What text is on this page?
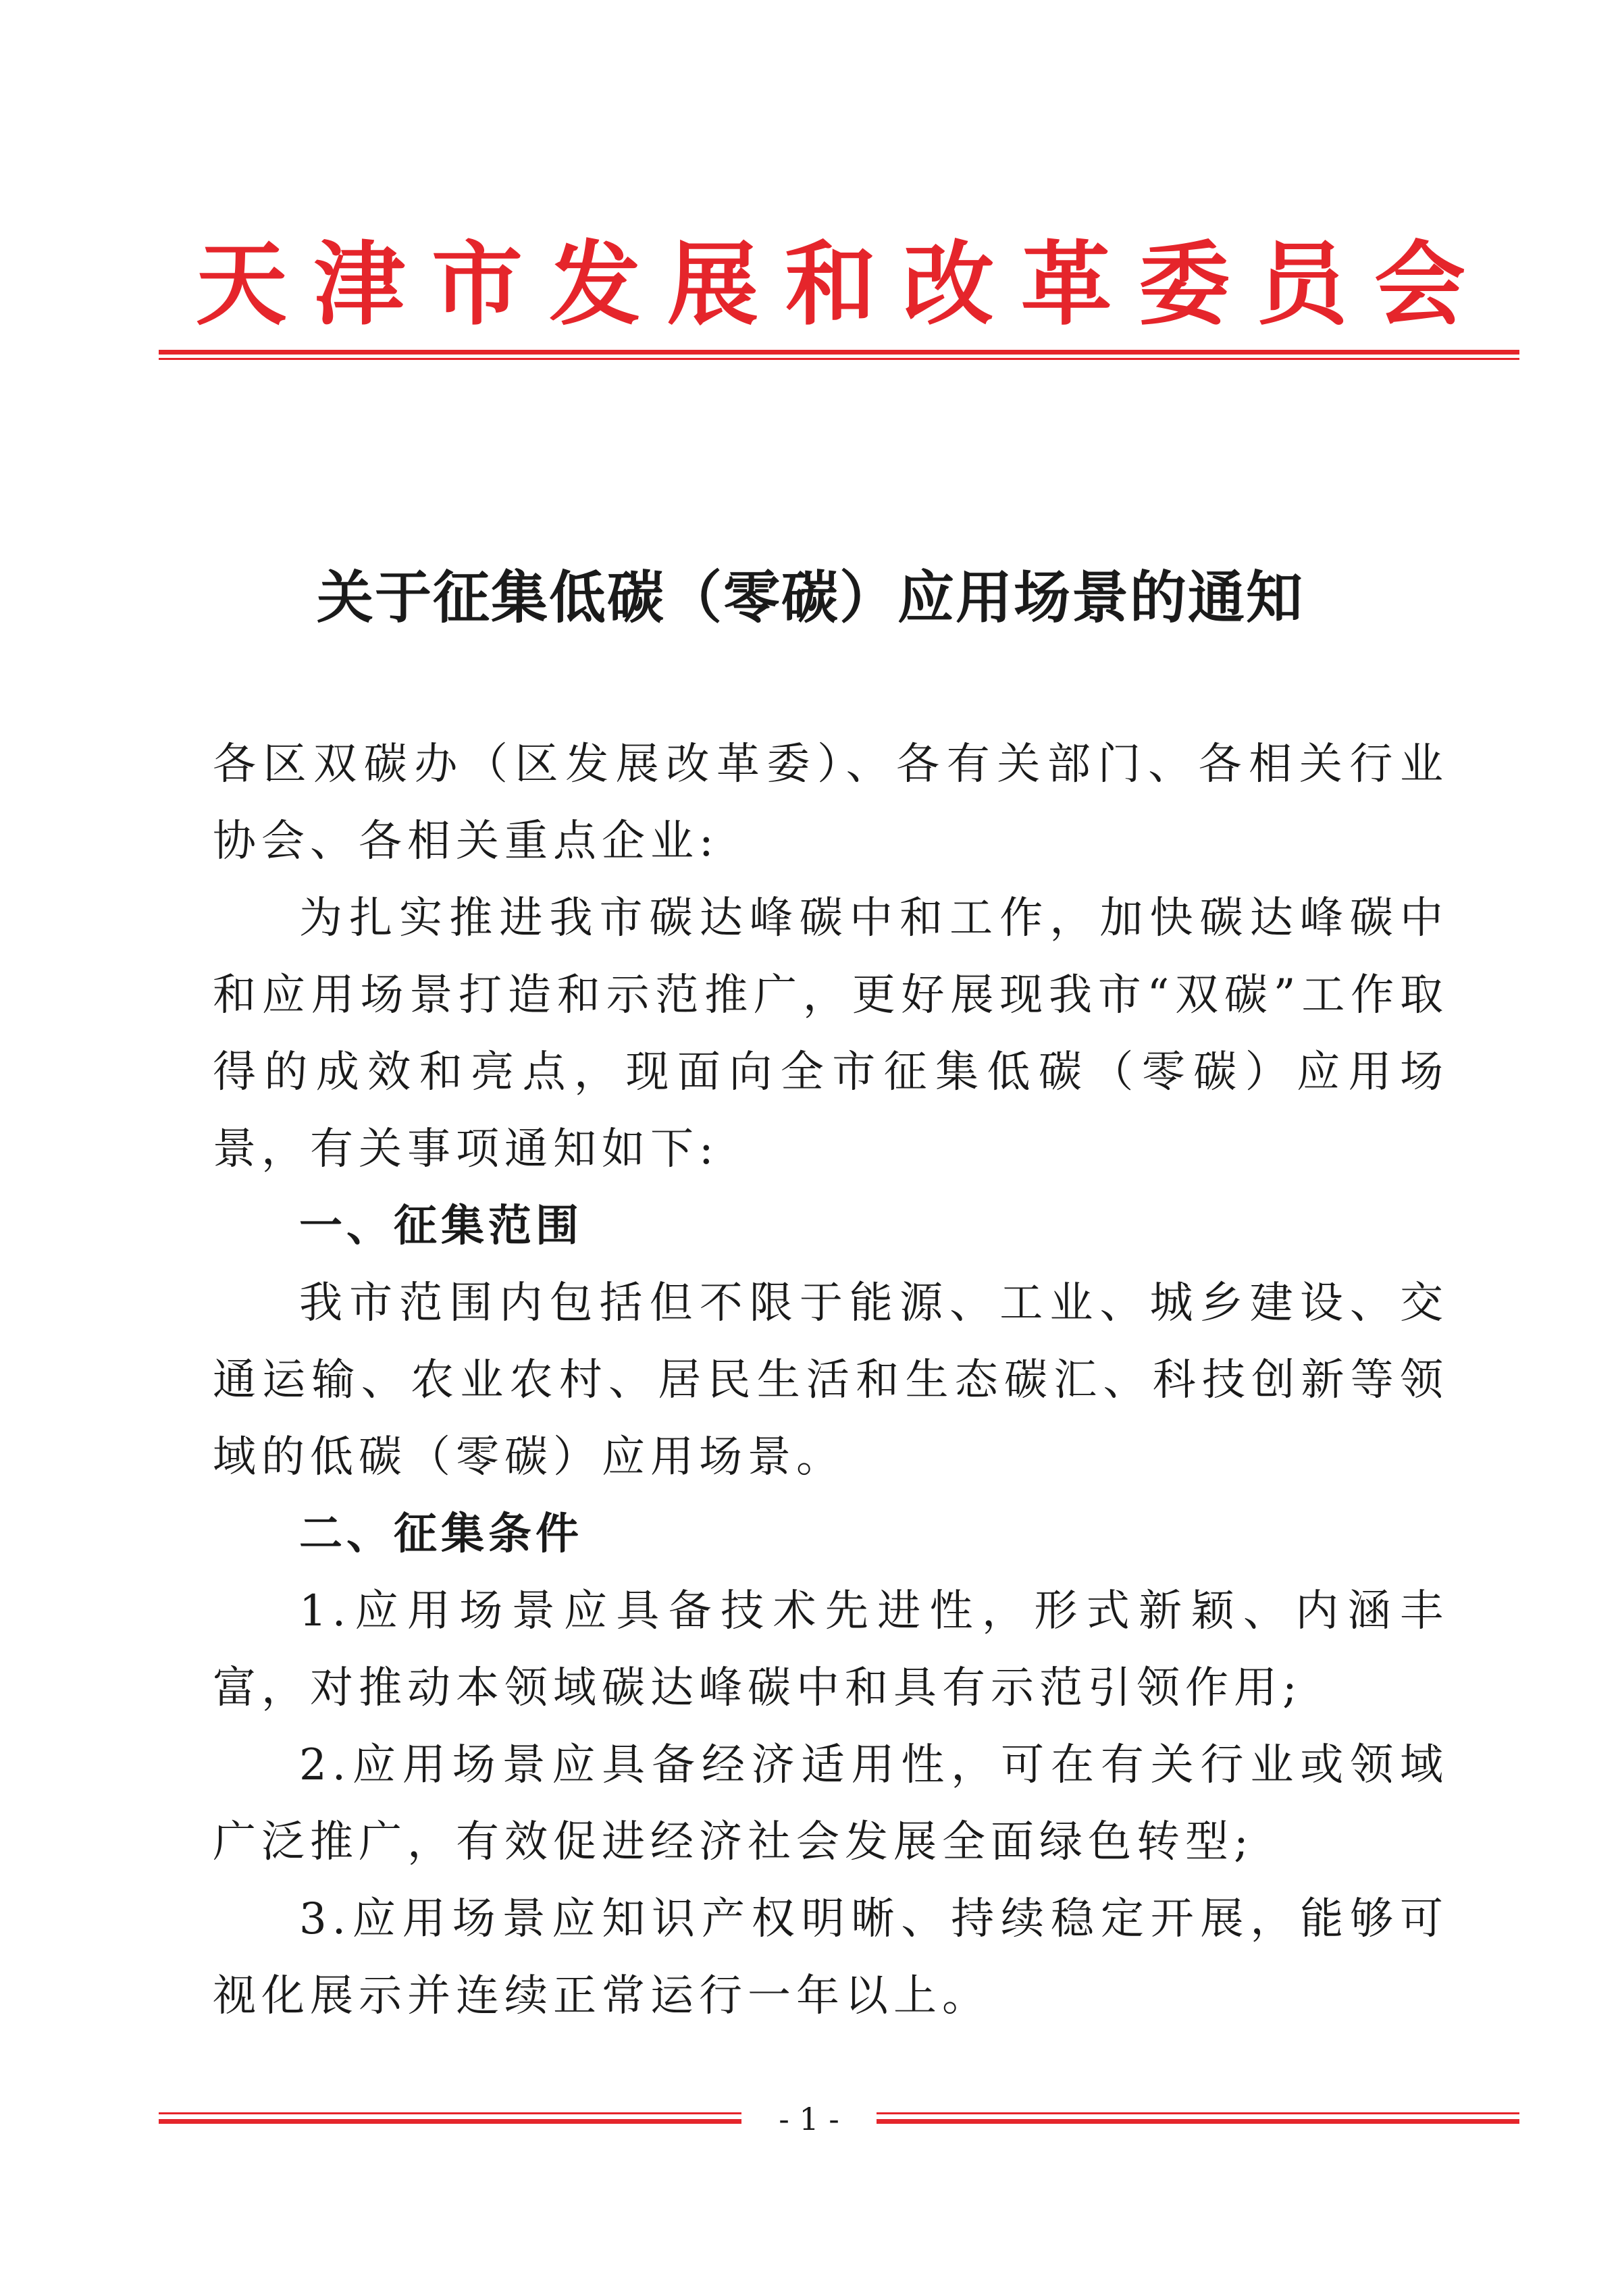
天 津 市 发 展 和 改 革 委 员 会
关于征集低碳（零碳）应用场景的通知

各区双碳办（区发展改革委）、各有关部门、各相关行业协会、各相关重点企业:

为扎实推进我市碳达峰碳中和工作，加快碳达峰碳中和应用场景打造和示范推广，更好展现我市“双碳”工作取得的成效和亮点，现面向全市征集低碳（零碳）应用场景，有关事项通知如下:

一、征集范围

我市范围内包括但不限于能源、工业、城乡建设、交通运输、农业农村、居民生活和生态碳汇、科技创新等领域的低碳（零碳）应用场景。

二、征集条件

1.应用场景应具备技术先进性，形式新颖、内涵丰富，对推动本领域碳达峰碳中和具有示范引领作用;

2.应用场景应具备经济适用性，可在有关行业或领域广泛推广，有效促进经济社会发展全面绿色转型;

3.应用场景应知识产权明晰、持续稳定开展，能够可视化展示并连续正常运行一年以上。

- 1 -
